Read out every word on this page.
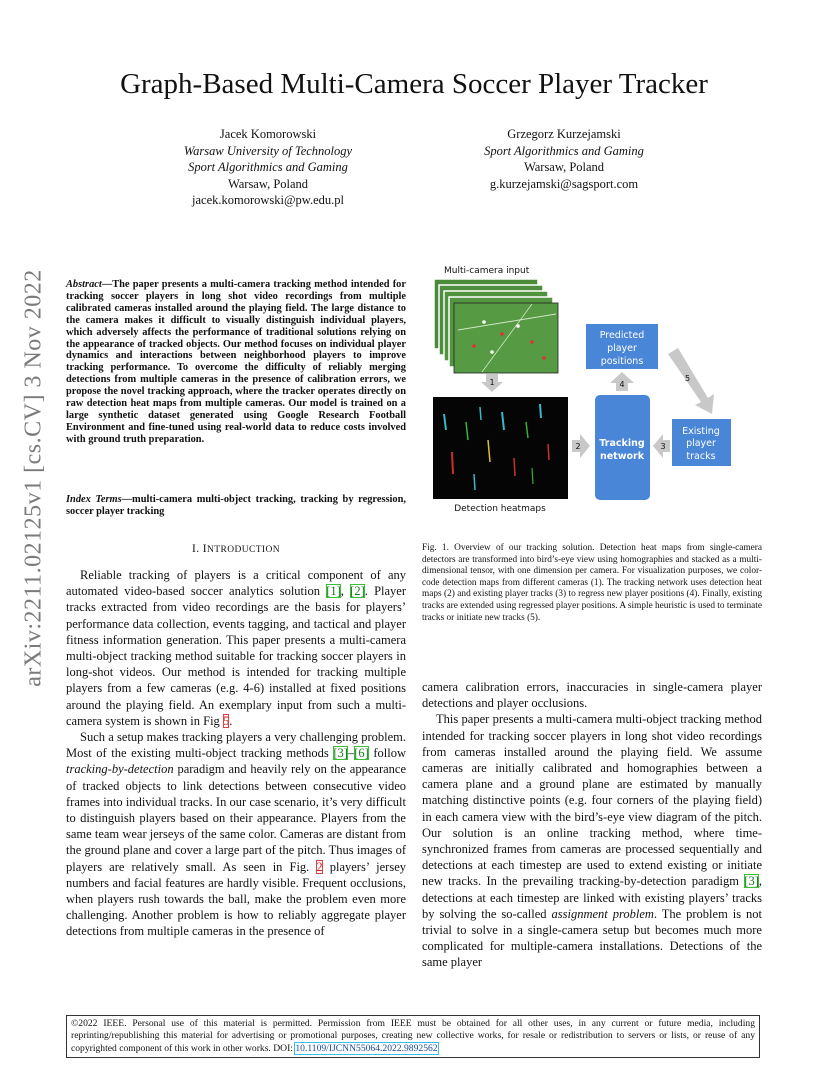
Graph-Based Multi-Camera Soccer Player Tracker
Jacek Komorowski
Warsaw University of Technology
Sport Algorithmics and Gaming
Warsaw, Poland
jacek.komorowski@pw.edu.pl
Grzegorz Kurzejamski
Sport Algorithmics and Gaming
Warsaw, Poland
g.kurzejamski@sagsport.com
arXiv:2211.02125v1 [cs.CV] 3 Nov 2022 Abstract—The paper presents a multi-camera tracking method intended for tracking soccer players in long shot video recordings from multiple calibrated cameras installed around the playing field. The large distance to the camera makes it difficult to visually distinguish individual players, which adversely affects the performance of traditional solutions relying on the appearance of tracked objects. Our method focuses on individual player dynamics and interactions between neighborhood players to improve tracking performance. To overcome the difficulty of reliably merging detections from multiple cameras in the presence of calibration errors, we propose the novel tracking approach, where the tracker operates directly on raw detection heat maps from multiple cameras. Our model is trained on a large synthetic dataset generated using Google Research Football Environment and fine-tuned using real-world data to reduce costs involved with ground truth preparation.
Index Terms—multi-camera multi-object tracking, tracking by regression, soccer player tracking
I. INTRODUCTION

Reliable tracking of players is a critical component of any automated video-based soccer analytics solution [1], [2]. Player tracks extracted from video recordings are the basis for players’ performance data collection, events tagging, and tactical and player fitness information generation. This paper presents a multi-camera multi-object tracking method suitable for tracking soccer players in long-shot videos. Our method is intended for tracking multiple players from a few cameras (e.g. 4-6) installed at fixed positions around the playing field. An exemplary input from such a multi-camera system is shown in Fig 5.

Such a setup makes tracking players a very challenging problem. Most of the existing multi-object tracking methods [3]–[6] follow tracking-by-detection paradigm and heavily rely on the appearance of tracked objects to link detections between consecutive video frames into individual tracks. In our case scenario, it’s very difficult to distinguish players based on their appearance. Players from the same team wear jerseys of the same color. Cameras are distant from the ground plane and cover a large part of the pitch. Thus images of players are relatively small. As seen in Fig. 2 players’ jersey numbers and facial features are hardly visible. Frequent occlusions, when players rush towards the ball, make the problem even more challenging. Another problem is how to reliably aggregate player detections from multiple cameras in the presence of

Multi-camera input
1
Detection heatmaps
2 Tracking
network
3
Existing
player
tracks
4
Predicted
player
positions
5
Fig. 1. Overview of our tracking solution. Detection heat maps from single-camera detectors are transformed into bird’s-eye view using homographies and stacked as a multi-dimensional tensor, with one dimension per camera. For visualization purposes, we color-code detection maps from different cameras (1). The tracking network uses detection heat maps (2) and existing player tracks (3) to regress new player positions (4). Finally, existing tracks are extended using regressed player positions. A simple heuristic is used to terminate tracks or initiate new tracks (5).

camera calibration errors, inaccuracies in single-camera player detections and player occlusions.

This paper presents a multi-camera multi-object tracking method intended for tracking soccer players in long shot video recordings from cameras installed around the playing field. We assume cameras are initially calibrated and homographies between a camera plane and a ground plane are estimated by manually matching distinctive points (e.g. four corners of the playing field) in each camera view with the bird’s-eye view diagram of the pitch. Our solution is an online tracking method, where time-synchronized frames from cameras are processed sequentially and detections at each timestep are used to extend existing or initiate new tracks. In the prevailing tracking-by-detection paradigm [3], detections at each timestep are linked with existing players’ tracks by solving the so-called assignment problem. The problem is not trivial to solve in a single-camera setup but becomes much more complicated for multiple-camera installations. Detections of the same player

©2022 IEEE. Personal use of this material is permitted. Permission from IEEE must be obtained for all other uses, in any current or future media, including reprinting/republishing this material for advertising or promotional purposes, creating new collective works, for resale or redistribution to servers or lists, or reuse of any copyrighted component of this work in other works. DOI: 10.1109/IJCNN55064.2022.9892562
